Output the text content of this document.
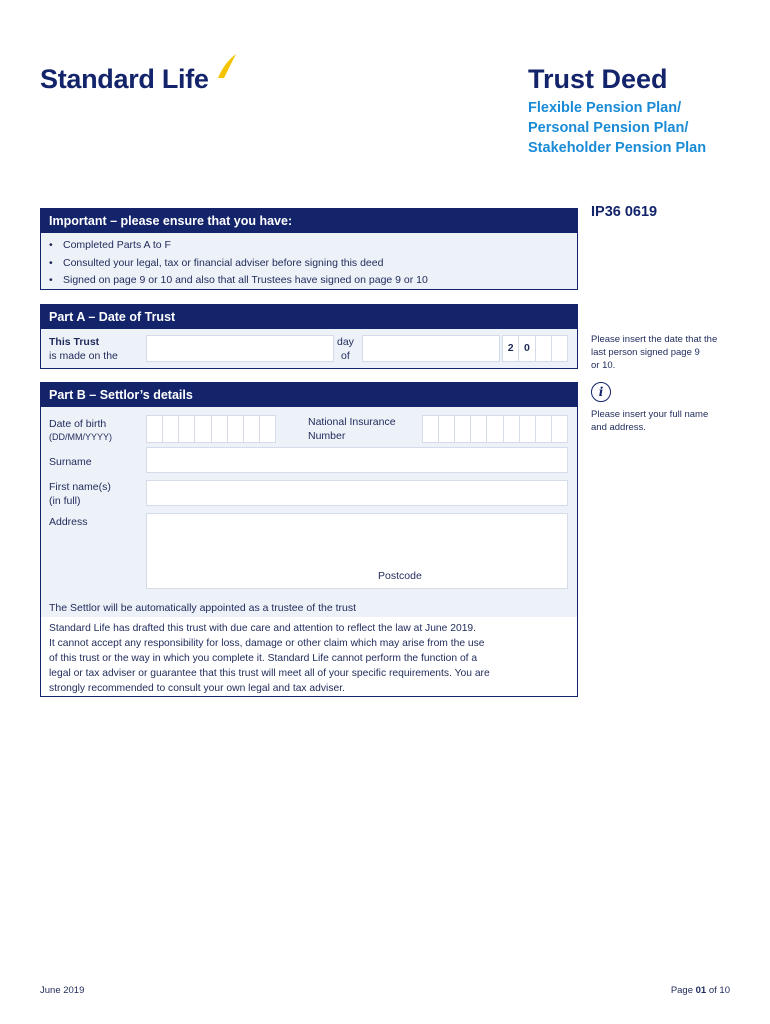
Standard Life	Trust Deed
Flexible Pension Plan/
Personal Pension Plan/
Stakeholder Pension Plan
IP36 0619
Important – please ensure that you have:
• Completed Parts A to F
• Consulted your legal, tax or financial adviser before signing this deed
• Signed on page 9 or 10 and also that all Trustees have signed on page 9 or 10
Part A – Date of Trust
This Trust
is made on the
day
of
2 0
Part B – Settlor’s details
Date of birth
(DD/MM/YYYY)
National Insurance
Number
Surname
First name(s)
(in full)
Address
Postcode
The Settlor will be automatically appointed as a trustee of the trust
Standard Life has drafted this trust with due care and attention to reflect the law at June 2019.
It cannot accept any responsibility for loss, damage or other claim which may arise from the use
of this trust or the way in which you complete it. Standard Life cannot perform the function of a
legal or tax adviser or guarantee that this trust will meet all of your specific requirements. You are
strongly recommended to consult your own legal and tax adviser.
Please insert the date that the
last person signed page 9
or 10.
i
Please insert your full name
and address.
June 2019	Page 01 of 10
